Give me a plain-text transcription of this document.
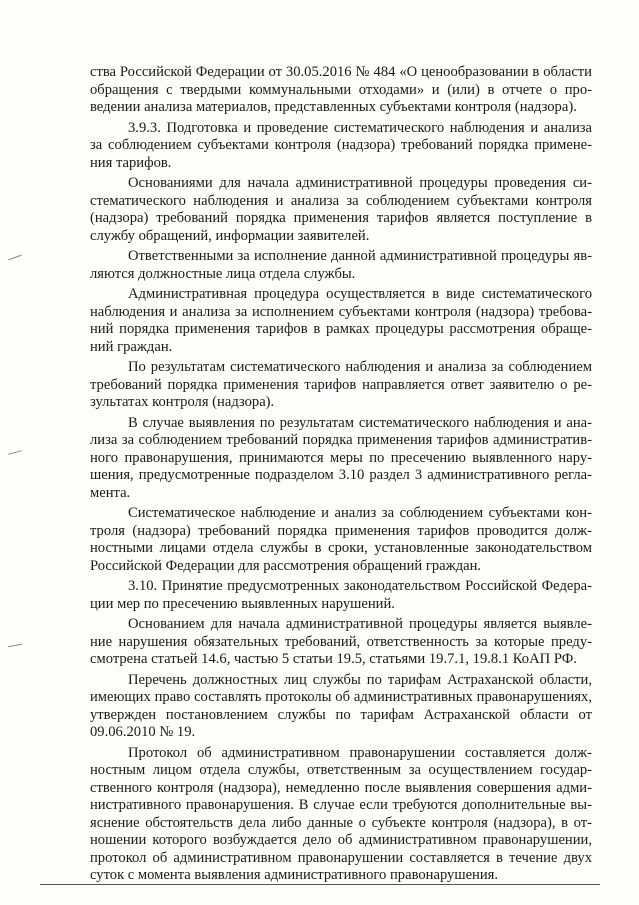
ства Российской Федерации от 30.05.2016 № 484 «О ценообразовании в области обращения с твердыми коммунальными отходами» и (или) в отчете о проведении анализа материалов, представленных субъектами контроля (надзора).

3.9.3. Подготовка и проведение систематического наблюдения и анализа за соблюдением субъектами контроля (надзора) требований порядка применения тарифов.

Основаниями для начала административной процедуры проведения систематического наблюдения и анализа за соблюдением субъектами контроля (надзора) требований порядка применения тарифов является поступление в службу обращений, информации заявителей.

Ответственными за исполнение данной административной процедуры являются должностные лица отдела службы.

Административная процедура осуществляется в виде систематического наблюдения и анализа за исполнением субъектами контроля (надзора) требований порядка применения тарифов в рамках процедуры рассмотрения обращений граждан.

По результатам систематического наблюдения и анализа за соблюдением требований порядка применения тарифов направляется ответ заявителю о результатах контроля (надзора).

В случае выявления по результатам систематического наблюдения и анализа за соблюдением требований порядка применения тарифов административного правонарушения, принимаются меры по пресечению выявленного нарушения, предусмотренные подразделом 3.10 раздел 3 административного регламента.

Систематическое наблюдение и анализ за соблюдением субъектами контроля (надзора) требований порядка применения тарифов проводится должностными лицами отдела службы в сроки, установленные законодательством Российской Федерации для рассмотрения обращений граждан.

3.10. Принятие предусмотренных законодательством Российской Федерации мер по пресечению выявленных нарушений.

Основанием для начала административной процедуры является выявление нарушения обязательных требований, ответственность за которые предусмотрена статьей 14.6, частью 5 статьи 19.5, статьями 19.7.1, 19.8.1 КоАП РФ.

Перечень должностных лиц службы по тарифам Астраханской области, имеющих право составлять протоколы об административных правонарушениях, утвержден постановлением службы по тарифам Астраханской области от 09.06.2010 № 19.

Протокол об административном правонарушении составляется должностным лицом отдела службы, ответственным за осуществлением государственного контроля (надзора), немедленно после выявления совершения административного правонарушения. В случае если требуются дополнительные выяснение обстоятельств дела либо данные о субъекте контроля (надзора), в отношении которого возбуждается дело об административном правонарушении, протокол об административном правонарушении составляется в течение двух суток с момента выявления административного правонарушения.
